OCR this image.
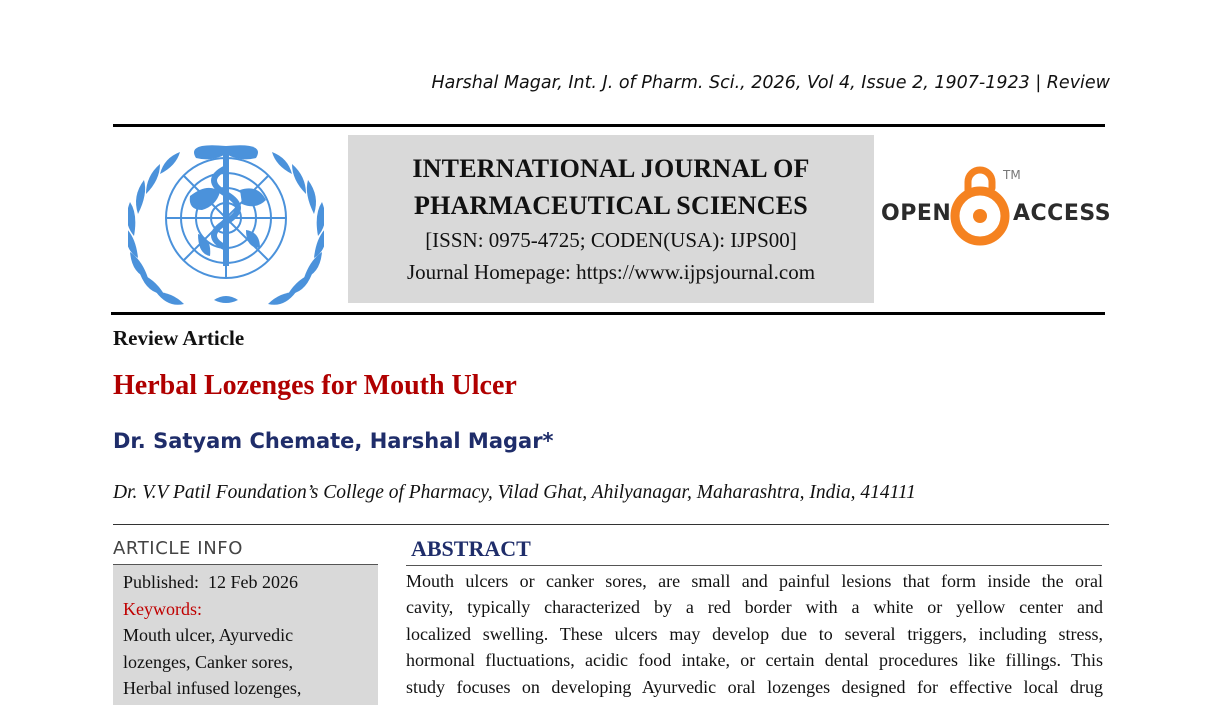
Harshal Magar, Int. J. of Pharm. Sci., 2026, Vol 4, Issue 2, 1907-1923 | Review
INTERNATIONAL JOURNAL OF
PHARMACEUTICAL SCIENCES
[ISSN: 0975-4725; CODEN(USA): IJPS00]
Journal Homepage: https://www.ijpsjournal.com
OPEN	ACCESS
TM
Review Article
Herbal Lozenges for Mouth Ulcer
Dr. Satyam Chemate, Harshal Magar*
Dr. V.V Patil Foundation’s College of Pharmacy, Vilad Ghat, Ahilyanagar, Maharashtra, India, 414111
ARTICLE INFO
Published:  12 Feb 2026
Keywords:
Mouth ulcer, Ayurvedic
lozenges, Canker sores,
Herbal infused lozenges,
ABSTRACT
Mouth ulcers or canker sores, are small and painful lesions that form inside the oral
cavity, typically characterized by a red border with a white or yellow center and
localized swelling. These ulcers may develop due to several triggers, including stress,
hormonal fluctuations, acidic food intake, or certain dental procedures like fillings. This
study focuses on developing Ayurvedic oral lozenges designed for effective local drug
